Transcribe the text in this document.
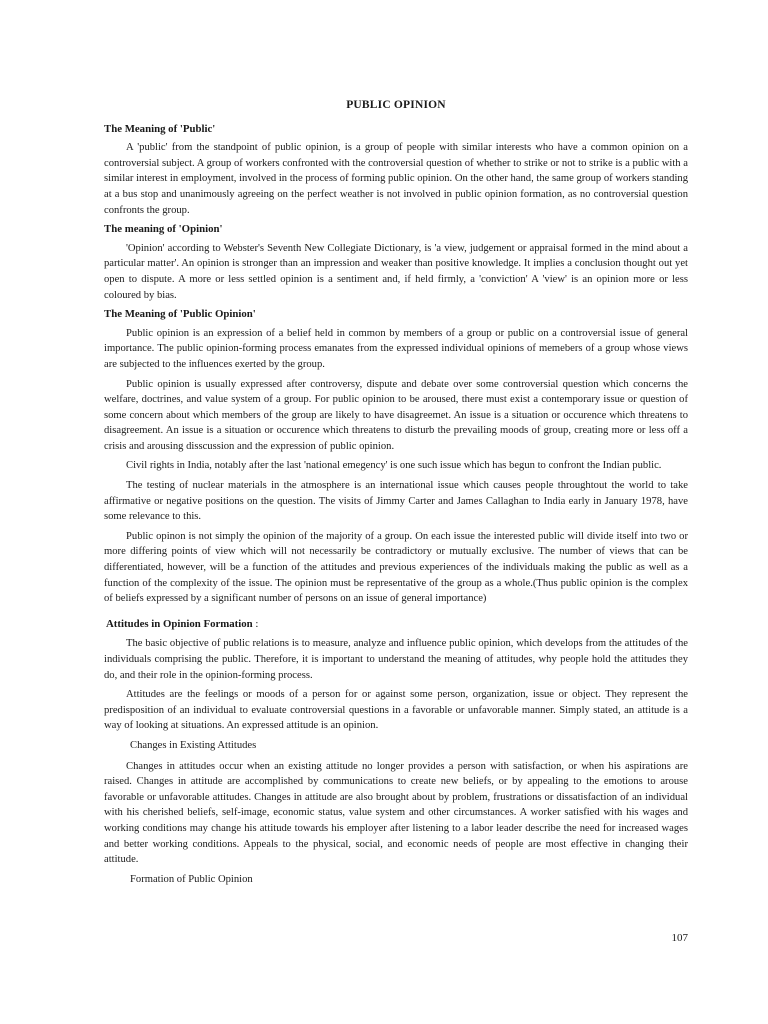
PUBLIC OPINION
The Meaning of 'Public'

A 'public' from the standpoint of public opinion, is a group of people with similar interests who have a common opinion on a controversial subject. A group of workers confronted with the controversial question of whether to strike or not to strike is a public with a similar interest in employment, involved in the process of forming public opinion. On the other hand, the same group of workers standing at a bus stop and unanimously agreeing on the perfect weather is not involved in public opinion formation, as no controversial question confronts the group.

The meaning of 'Opinion'

'Opinion' according to Webster's Seventh New Collegiate Dictionary, is 'a view, judgement or appraisal formed in the mind about a particular matter'. An opinion is stronger than an impression and weaker than positive knowledge. It implies a conclusion thought out yet open to dispute. A more or less settled opinion is a sentiment and, if held firmly, a 'conviction' A 'view' is an opinion more or less coloured by bias.

The Meaning of 'Public Opinion'

Public opinion is an expression of a belief held in common by members of a group or public on a controversial issue of general importance. The public opinion-forming process emanates from the expressed individual opinions of memebers of a group whose views are subjected to the influences exerted by the group.

Public opinion is usually expressed after controversy, dispute and debate over some controversial question which concerns the welfare, doctrines, and value system of a group. For public opinion to be aroused, there must exist a contemporary issue or question of some concern about which members of the group are likely to have disagreemet. An issue is a situation or occurence which threatens to disagreement. An issue is a situation or occurence which threatens to disturb the prevailing moods of group, creating more or less off a crisis and arousing disscussion and the expression of public opinion.

Civil rights in India, notably after the last 'national emegency' is one such issue which has begun to confront the Indian public.

The testing of nuclear materials in the atmosphere is an international issue which causes people throughtout the world to take affirmative or negative positions on the question. The visits of Jimmy Carter and James Callaghan to India early in January 1978, have some relevance to this.

Public opinon is not simply the opinion of the majority of a group. On each issue the interested public will divide itself into two or more differing points of view which will not necessarily be contradictory or mutually exclusive. The number of views that can be differentiated, however, will be a function of the attitudes and previous experiences of the individuals making the public as well as a function of the complexity of the issue. The opinion must be representative of the group as a whole.(Thus public opinion is the complex of beliefs expressed by a significant number of persons on an issue of general importance)

Attitudes in Opinion Formation :

The basic objective of public relations is to measure, analyze and influence public opinion, which develops from the attitudes of the individuals comprising the public. Therefore, it is important to understand the meaning of attitudes, why people hold the attitudes they do, and their role in the opinion-forming process.

Attitudes are the feelings or moods of a person for or against some person, organization, issue or object. They represent the predisposition of an individual to evaluate controversial questions in a favorable or unfavorable manner. Simply stated, an attitude is a way of looking at situations. An expressed attitude is an opinion.

Changes in Existing Attitudes

Changes in attitudes occur when an existing attitude no longer provides a person with satisfaction, or when his aspirations are raised. Changes in attitude are accomplished by communications to create new beliefs, or by appealing to the emotions to arouse favorable or unfavorable attitudes. Changes in attitude are also brought about by problem, frustrations or dissatisfaction of an individual with his cherished beliefs, self-image, economic status, value system and other circumstances. A worker satisfied with his wages and working conditions may change his attitude towards his employer after listening to a labor leader describe the need for increased wages and better working conditions. Appeals to the physical, social, and economic needs of people are most effective in changing their attitude.

Formation of Public Opinion

107
